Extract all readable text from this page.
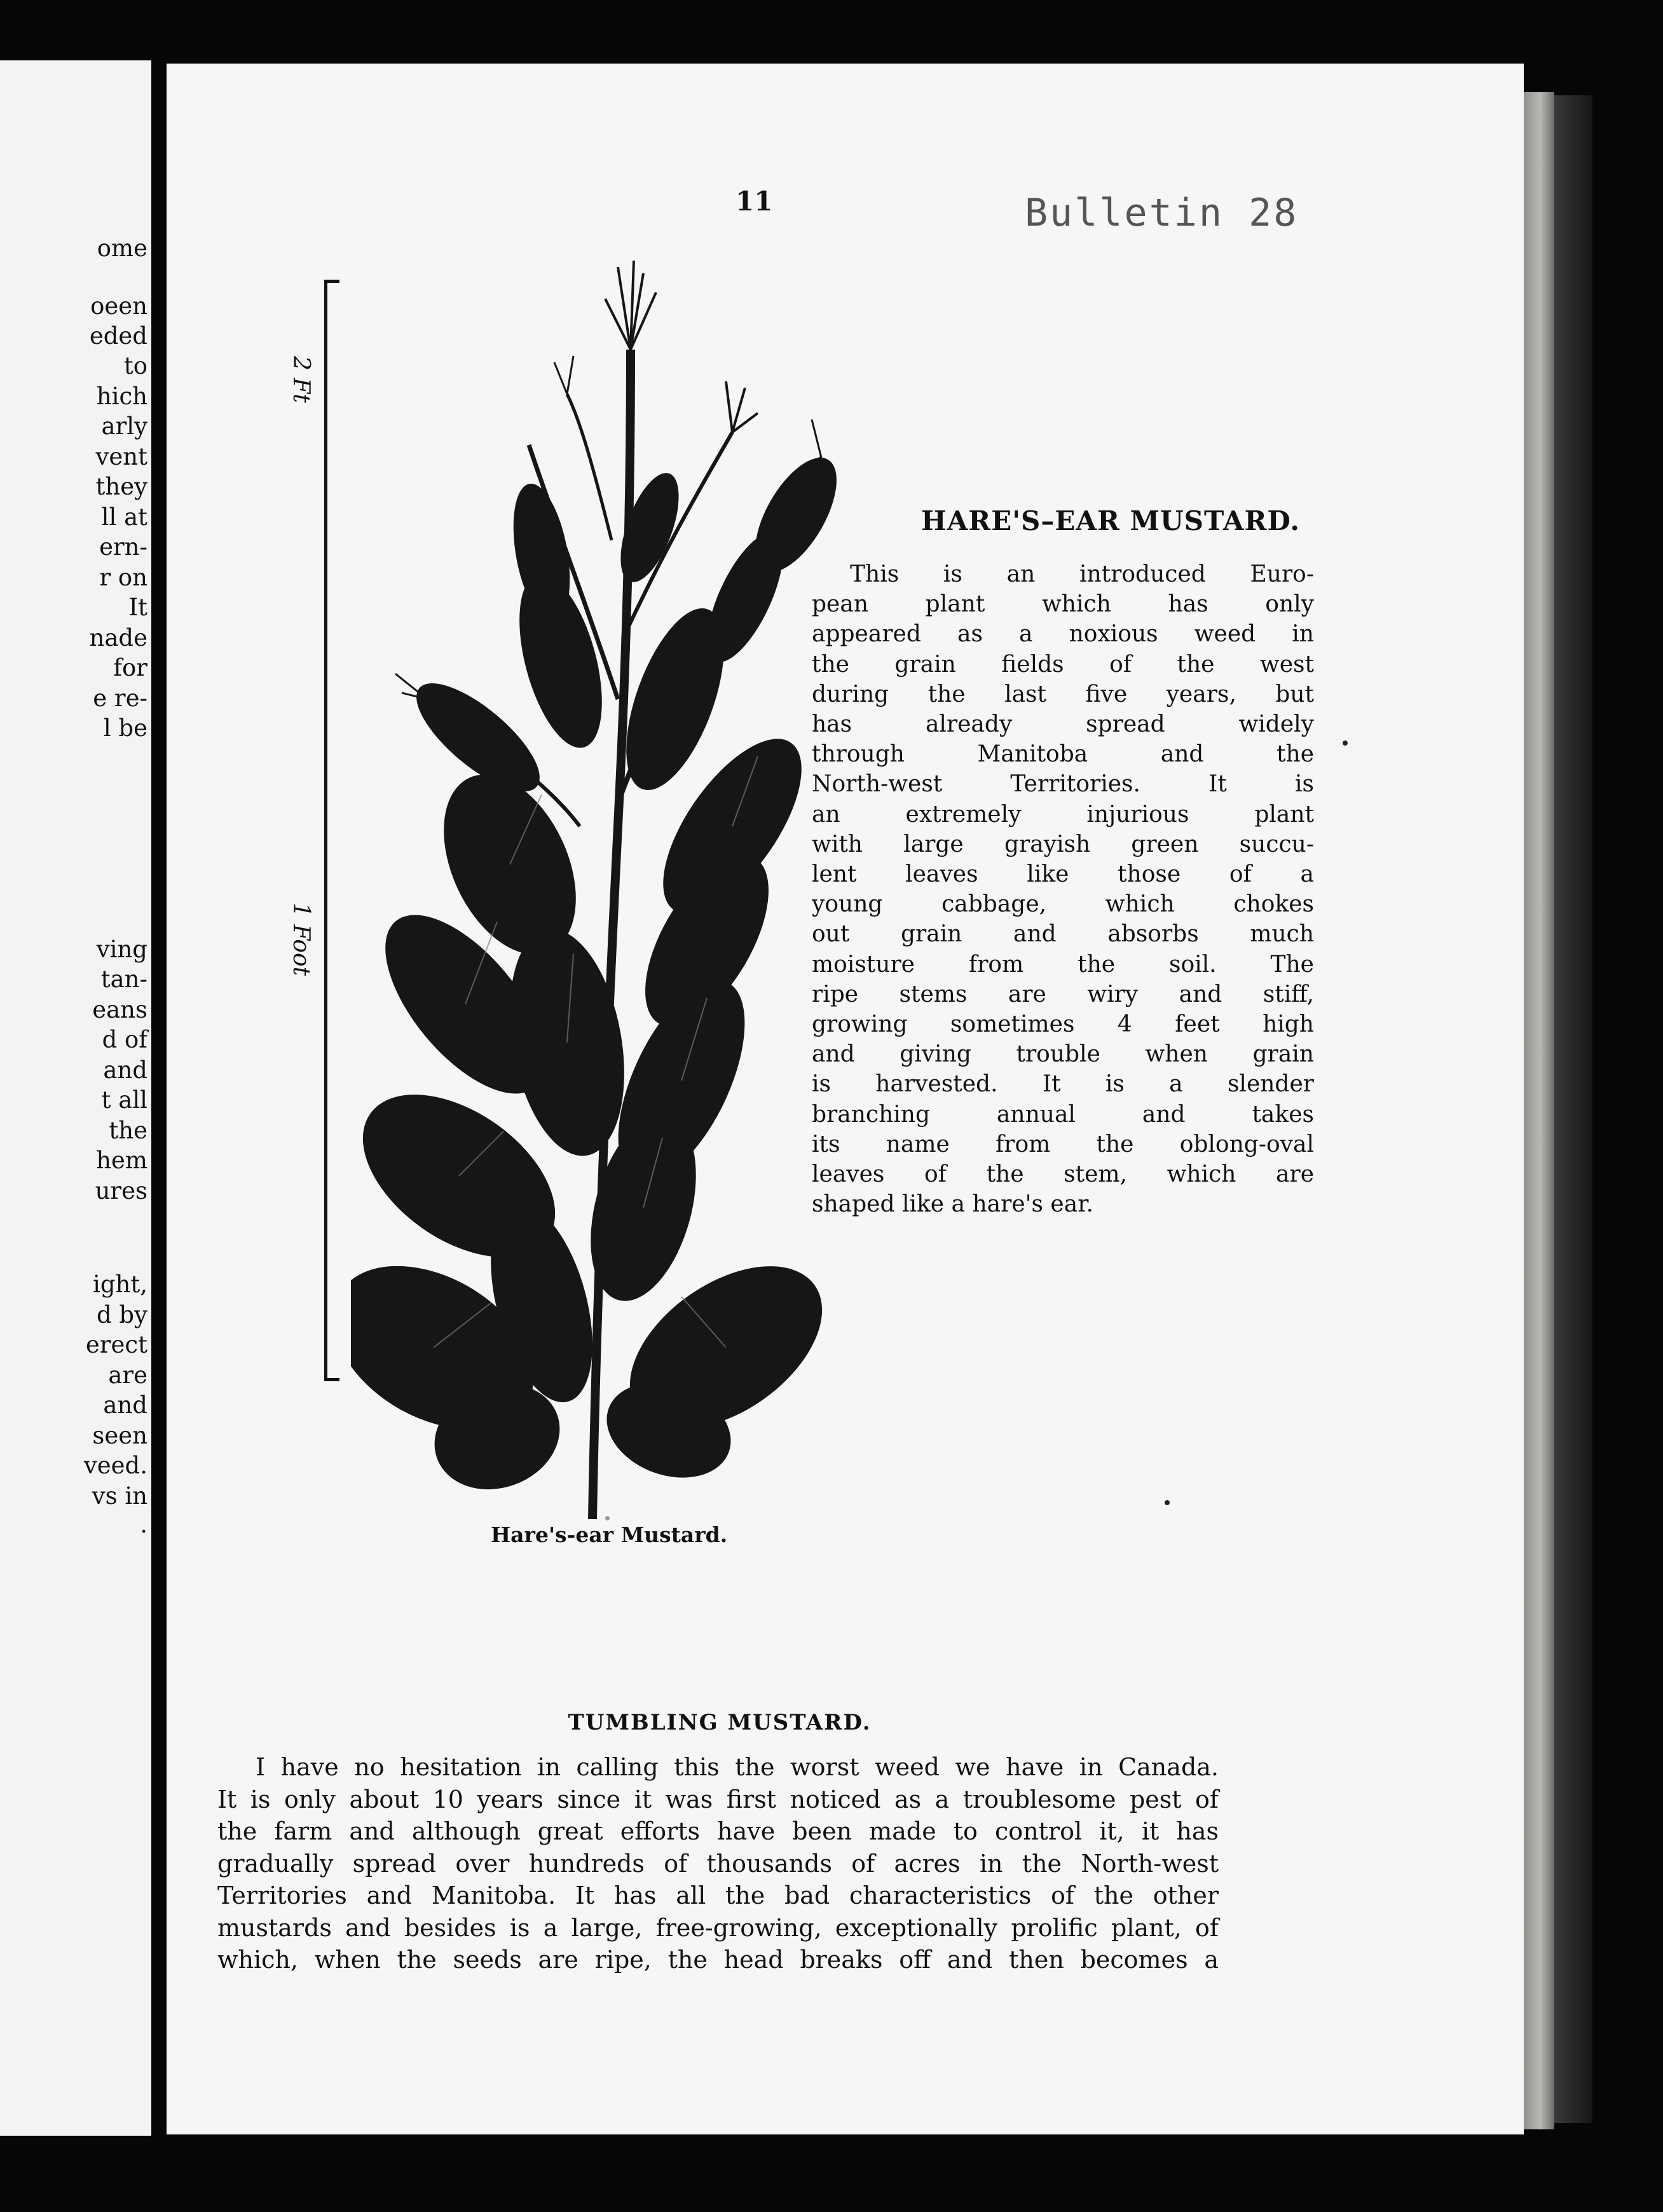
ome
oeen
eded
to
hich
arly
vent
they
ll at
ern-
r on
It
nade
for
e re-
l be
ving
tan-
eans
d of
and
t all
the
hem
ures
ight,
d by
erect
are
and
seen
veed.
vs in
.
11	Bulletin 28
2 Ft
1 Foot
Hare's-ear Mustard.
HARE'S–EAR MUSTARD.
This is an introduced Euro-
pean plant which has only
appeared as a noxious weed in
the grain fields of the west
during the last five years, but
has already spread widely
through Manitoba and the
North-west Territories. It is
an extremely injurious plant
with large grayish green succu-
lent leaves like those of a
young cabbage, which chokes
out grain and absorbs much
moisture from the soil. The
ripe stems are wiry and stiff,
growing sometimes 4 feet high
and giving trouble when grain
is harvested. It is a slender
branching annual and takes
its name from the oblong-oval
leaves of the stem, which are
shaped like a hare's ear.
TUMBLING MUSTARD.
I have no hesitation in calling this the worst weed we have in Canada.
It is only about 10 years since it was first noticed as a troublesome pest of
the farm and although great efforts have been made to control it, it has
gradually spread over hundreds of thousands of acres in the North-west
Territories and Manitoba. It has all the bad characteristics of the other
mustards and besides is a large, free-growing, exceptionally prolific plant, of
which, when the seeds are ripe, the head breaks off and then becomes a
